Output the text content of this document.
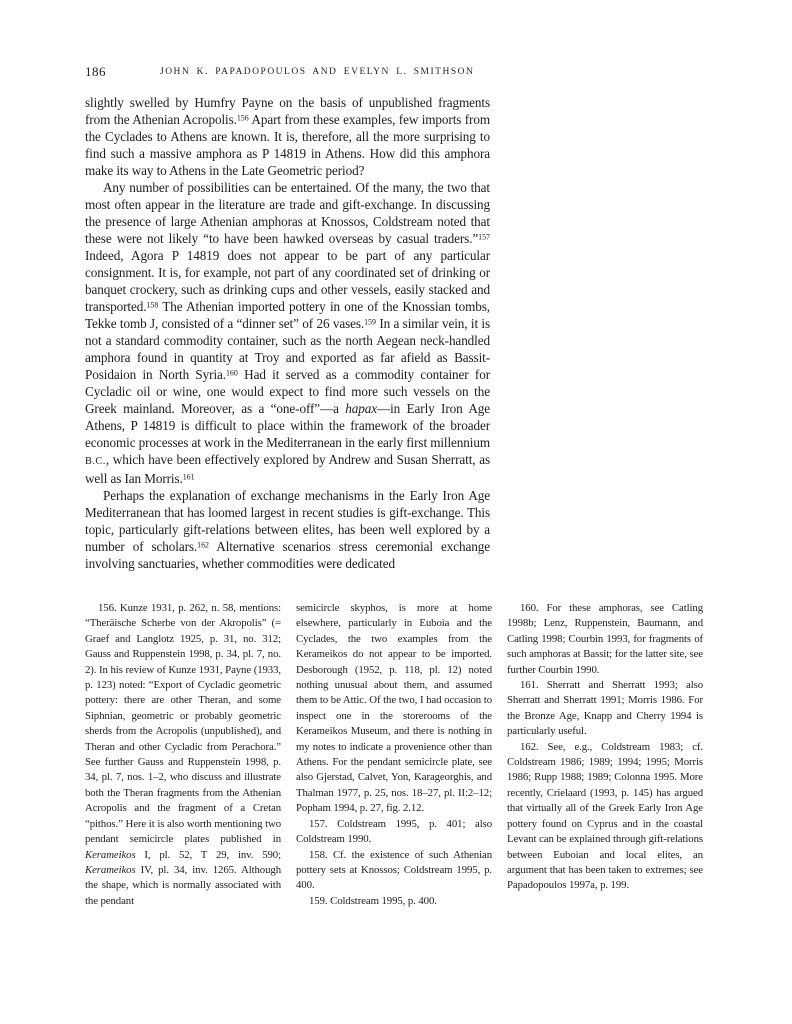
186	JOHN K. PAPADOPOULOS AND EVELYN L. SMITHSON

slightly swelled by Humfry Payne on the basis of unpublished fragments from the Athenian Acropolis.$^{156}$ Apart from these examples, few imports from the Cyclades to Athens are known. It is, therefore, all the more surprising to find such a massive amphora as P 14819 in Athens. How did this amphora make its way to Athens in the Late Geometric period?

Any number of possibilities can be entertained. Of the many, the two that most often appear in the literature are trade and gift-exchange. In discussing the presence of large Athenian amphoras at Knossos, Coldstream noted that these were not likely “to have been hawked overseas by casual traders.”$^{157}$ Indeed, Agora P 14819 does not appear to be part of any particular consignment. It is, for example, not part of any coordinated set of drinking or banquet crockery, such as drinking cups and other vessels, easily stacked and transported.$^{158}$ The Athenian imported pottery in one of the Knossian tombs, Tekke tomb J, consisted of a “dinner set” of 26 vases.$^{159}$ In a similar vein, it is not a standard commodity container, such as the north Aegean neck-handled amphora found in quantity at Troy and exported as far afield as Bassit-Posidaion in North Syria.$^{160}$ Had it served as a commodity container for Cycladic oil or wine, one would expect to find more such vessels on the Greek mainland. Moreover, as a “one-off”—a hapax—in Early Iron Age Athens, P 14819 is difficult to place within the framework of the broader economic processes at work in the Mediterranean in the early first millennium B.C., which have been effectively explored by Andrew and Susan Sherratt, as well as Ian Morris.$^{161}$

Perhaps the explanation of exchange mechanisms in the Early Iron Age Mediterranean that has loomed largest in recent studies is gift-exchange. This topic, particularly gift-relations between elites, has been well explored by a number of scholars.$^{162}$ Alternative scenarios stress ceremonial exchange involving sanctuaries, whether commodities were dedicated

156. Kunze 1931, p. 262, n. 58, mentions: “Theräische Scherbe von der Akropolis” (= Graef and Langlotz 1925, p. 31, no. 312; Gauss and Ruppenstein 1998, p. 34, pl. 7, no. 2). In his review of Kunze 1931, Payne (1933, p. 123) noted: “Export of Cycladic geometric pottery: there are other Theran, and some Siphnian, geometric or probably geometric sherds from the Acropolis (unpublished), and Theran and other Cycladic from Perachora.” See further Gauss and Ruppenstein 1998, p. 34, pl. 7, nos. 1–2, who discuss and illustrate both the Theran fragments from the Athenian Acropolis and the fragment of a Cretan “pithos.” Here it is also worth mentioning two pendant semicircle plates published in Kerameikos I, pl. 52, T 29, inv. 590; Kerameikos IV, pl. 34, inv. 1265. Although the shape, which is normally associated with the pendant

semicircle skyphos, is more at home elsewhere, particularly in Euboia and the Cyclades, the two examples from the Kerameikos do not appear to be imported. Desborough (1952, p. 118, pl. 12) noted nothing unusual about them, and assumed them to be Attic. Of the two, I had occasion to inspect one in the storerooms of the Kerameikos Museum, and there is nothing in my notes to indicate a provenience other than Athens. For the pendant semicircle plate, see also Gjerstad, Calvet, Yon, Karageorghis, and Thalman 1977, p. 25, nos. 18–27, pl. II:2–12; Popham 1994, p. 27, fig. 2.12.

157. Coldstream 1995, p. 401; also Coldstream 1990.

158. Cf. the existence of such Athenian pottery sets at Knossos; Coldstream 1995, p. 400.

159. Coldstream 1995, p. 400.

160. For these amphoras, see Catling 1998b; Lenz, Ruppenstein, Baumann, and Catling 1998; Courbin 1993, for fragments of such amphoras at Bassit; for the latter site, see further Courbin 1990.

161. Sherratt and Sherratt 1993; also Sherratt and Sherratt 1991; Morris 1986. For the Bronze Age, Knapp and Cherry 1994 is particularly useful.

162. See, e.g., Coldstream 1983; cf. Coldstream 1986; 1989; 1994; 1995; Morris 1986; Rupp 1988; 1989; Colonna 1995. More recently, Crielaard (1993, p. 145) has argued that virtually all of the Greek Early Iron Age pottery found on Cyprus and in the coastal Levant can be explained through gift-relations between Euboian and local elites, an argument that has been taken to extremes; see Papadopoulos 1997a, p. 199.
